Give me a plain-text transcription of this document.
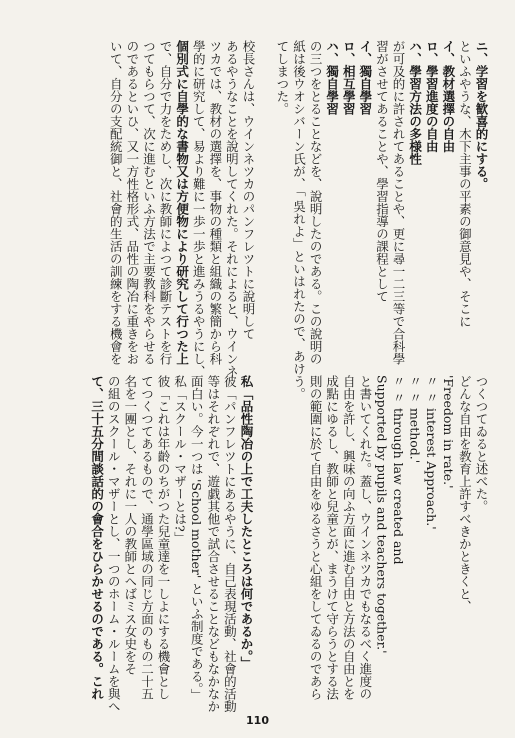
ニ、学習を歓喜的にする。
といふやうな、木下主事の平素の御意見や、そこに
イ、教材選擇の自由
ロ、學習進度の自由
ハ、學習方法の多様性
が可及的に許されてあることや、更に尋一二三等で合科學
習がさせてあることや、學習指導の課程として
イ、獨自學習
ロ、相互學習
ハ、獨自學習
の三つをとることなどを、說明したのである。この說明の
紙は後ウオシバーン氏が、「 吳れよ」といはれたので、あけ
てしまつた。
校長さんは、ウインネツカのパンフレツトに說明して
あるやうなことを說明してくれた。それによると、ウインネ
ツカでは、教材の選擇を、事物の種類と組織の繁簡から科
學的に研究して、易より難に一歩一歩と進みうるやうにし、
個別式に自學的な書物又は方便物により研究して行つた上
で、自分で力をためし、次に教師によつて診斷テストを行
つてもらつて、次に進むといふ方法で主要教科をやらせる
のであるといひ、又一方性格形式、品性の陶冶に重きをお
いて、自分の支配統御と、社會的生活の訓練をする機會を
つくつてゐると述べた。
どんな自由を教育上許すべきかときくと、
'Freedom in rate.'
〃 〃 interest Approach.'
〃 〃 method.'
〃 〃 through law created and
Supported by pupils and teachers together.'
と書いてくれた。蓋し、ウインネツカでもなるべく進度の
自由を許し、興味の向ふ方面に進む自由と方法の自由とを
成點にゆるし、教師と兒童とが、まうけて守らうとする法
則の範圍に於て自由をゆるさうと心組をしてゐるのであら
う。
私「品性陶冶の上で工夫したところは何であるか。」
彼「パンフレツトにあるやうに、自己表現活動、社會的活動
等はそれぞれで、遊戯其他で試合させることなどもなかなか
面白い。今一つは 'School mother' といふ制度である。」
私「スクール・マザーとは?」
彼「これは年齡のちがつた兒童達を一しよにする機會とし
てつくつてあるもので、通學區域の同じ方面のもの二十五
名を一團とし、それに一人の教師とへばミス女史をそ
の組のスクール・マザーとし、一つのホーム・ルームを與へ
て、三十五分間談話的の會合をひらかせるのである。これ
110
